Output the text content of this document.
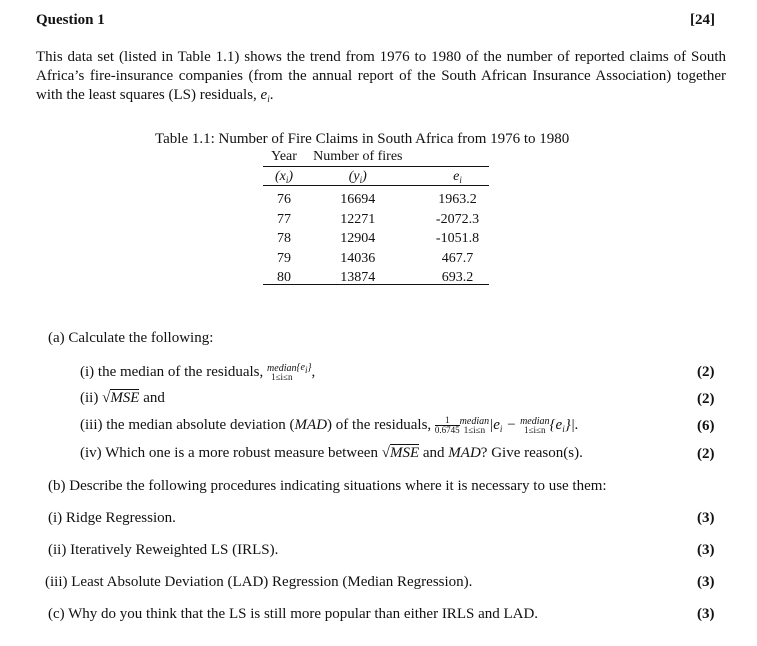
Question 1	[24]
This data set (listed in Table 1.1) shows the trend from 1976 to 1980 of the number of reported claims of South Africa’s fire-insurance companies (from the annual report of the South African Insurance Association) together with the least squares (LS) residuals, $e_i$.
Table 1.1: Number of Fire Claims in South Africa from 1976 to 1980
Year	Number of fires	
$(x_i)$	$(y_i)$	$e_i$
76	16694	1963.2
77	12271	-2072.3
78	12904	-1051.8
79	14036	467.7
80	13874	693.2
(a) Calculate the following:
(i) the median of the residuals, median
1≤i≤n
$^{\{ei\}}$,	(2)
(ii) √MSE and	(2)
(iii) the median absolute deviation (MAD) of the residuals, $\frac{1}{0.6745}$ median
1≤i≤n $|e_i$ − median
1≤i≤n $\{e_i\}|$.	(6)
(iv) Which one is a more robust measure between √MSE and MAD? Give reason(s).	(2)
(b) Describe the following procedures indicating situations where it is necessary to use them:
(i) Ridge Regression.	(3)
(ii) Iteratively Reweighted LS (IRLS).	(3)
(iii) Least Absolute Deviation (LAD) Regression (Median Regression).	(3)
(c) Why do you think that the LS is still more popular than either IRLS and LAD.	(3)
